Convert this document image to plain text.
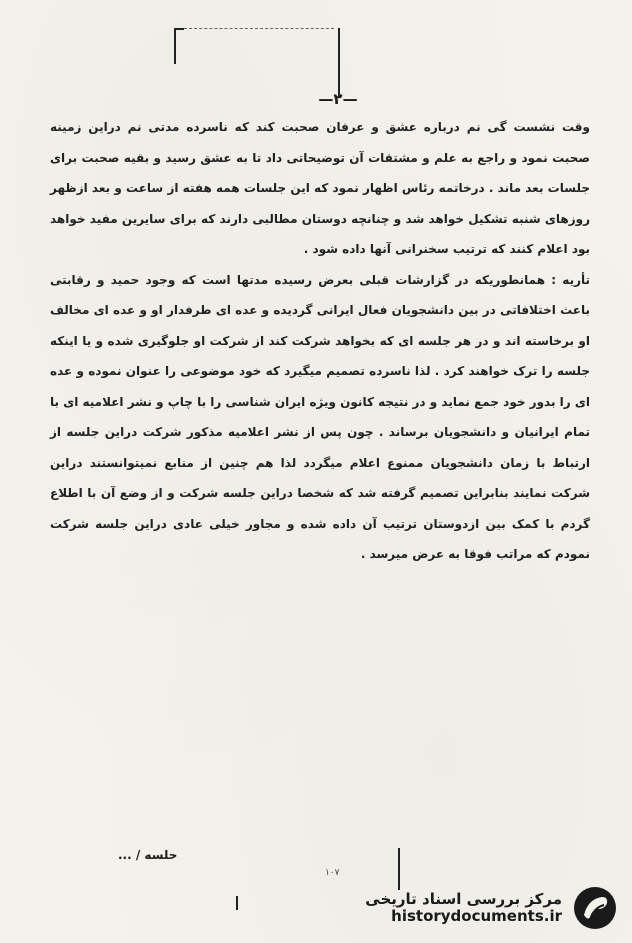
—۲—

وقت نشست گی نم درباره عشق و عرفان صحبت کند که ناسرده مدتی نم دراین زمینه صحبت نمود و راجع به علم و مشتقات آن توضیحاتی داد تا به عشق رسید و بقیه صحبت برای جلسات بعد ماند . درخاتمه رئاس اظهار نمود که این جلسات همه هفته از ساعت و بعد ازظهر روزهای شنبه تشکیل خواهد شد و چنانچه دوستان مطالبی دارند که برای سایرین مفید خواهد بود اعلام کنند که ترتیب سخنرانی آنها داده شود .

تأریه : همانطوریکه در گزارشات قبلی بعرض رسیده مدتها است که وجود حمید و رقابتی باعث اختلافاتی در بین دانشجویان فعال ایرانی گردیده و عده ای طرفدار او و عده ای مخالف او برخاسته اند و در هر جلسه ای که بخواهد شرکت کند از شرکت او جلوگیری شده و یا اینکه جلسه را ترک خواهند کرد . لذا ناسرده تصمیم میگیرد که خود موضوعی را عنوان نموده و عده ای را بدور خود جمع نماید و در نتیجه کانون ویژه ایران شناسی را با چاپ و نشر اعلامیه ای با تمام ایرانیان و دانشجویان برساند . چون پس از نشر اعلامیه مذکور شرکت دراین جلسه از ارتباط با زمان دانشجویان ممنوع اعلام میگردد لذا هم چنین از منابع نمیتوانستند دراین شرکت نمایند بنابراین تصمیم گرفته شد که شخصا دراین جلسه شرکت و از وضع آن با اطلاع گردم با کمک بین ازدوستان ترتیب آن داده شده و مجاور خیلی عادی دراین جلسه شرکت نمودم که مراتب فوقا به عرض میرسد .

حلسه / ...
۱۰۷
مرکز بررسی اسناد تاریخی
historydocuments.ir
